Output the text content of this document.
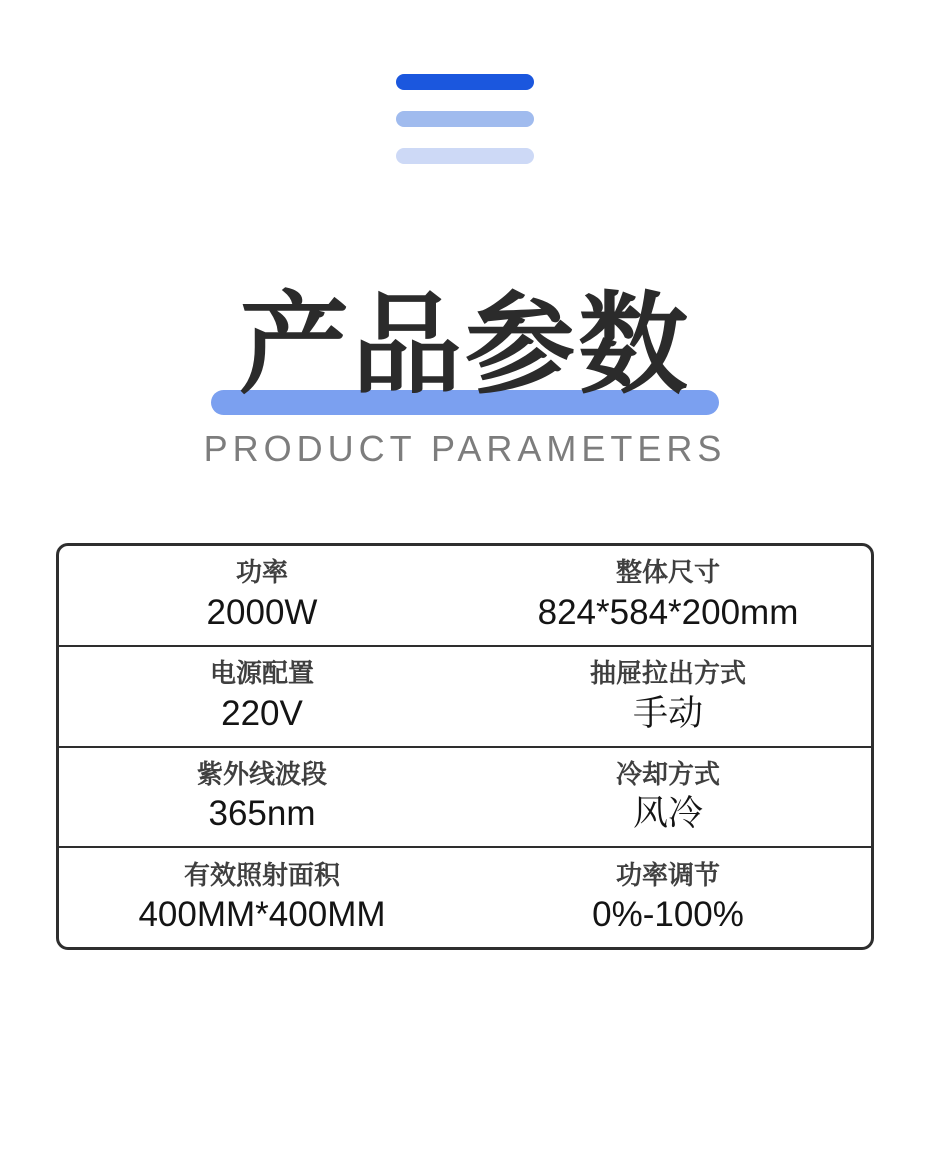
产品参数
PRODUCT PARAMETERS
功率
2000W
整体尺寸
824*584*200mm
电源配置
220V
抽屉拉出方式
手动
紫外线波段
365nm
冷却方式
风冷
有效照射面积
400MM*400MM
功率调节
0%-100%
